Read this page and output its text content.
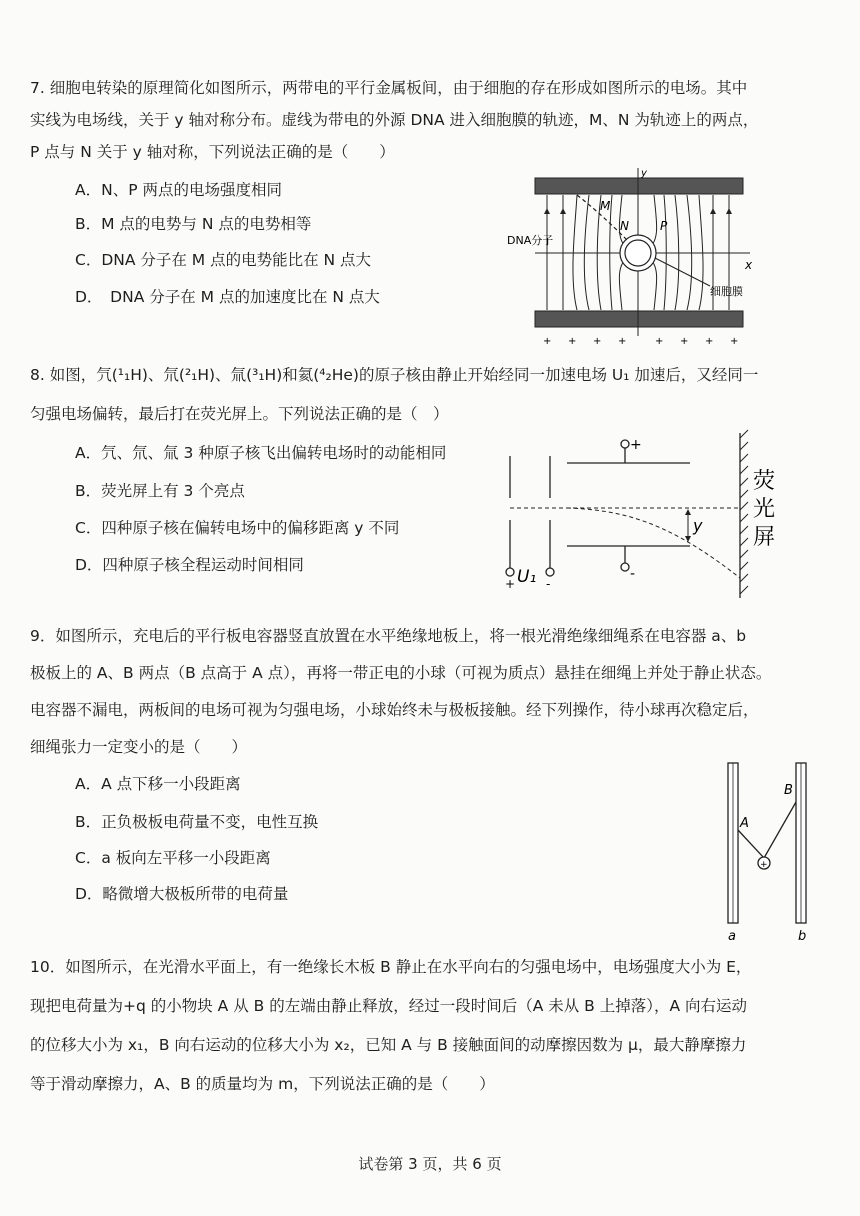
7. 细胞电转染的原理简化如图所示，两带电的平行金属板间，由于细胞的存在形成如图所示的电场。其中
实线为电场线，关于 y 轴对称分布。虚线为带电的外源 DNA 进入细胞膜的轨迹，M、N 为轨迹上的两点，
P 点与 N 关于 y 轴对称，下列说法正确的是（　　）
A．N、P 两点的电场强度相同
B．M 点的电势与 N 点的电势相等
C．DNA 分子在 M 点的电势能比在 N 点大
D．　DNA 分子在 M 点的加速度比在 N 点大
M
N	P
x
y
DNA分子
细胞膜
+ + + +	+ + + +
8. 如图，氕(¹₁H)、氘(²₁H)、氚(³₁H)和氦(⁴₂He)的原子核由静止开始经同一加速电场 U₁ 加速后，又经同一
匀强电场偏转，最后打在荧光屏上。下列说法正确的是（　）
A．氕、氘、氚 3 种原子核飞出偏转电场时的动能相同
B．荧光屏上有 3 个亮点
C．四种原子核在偏转电场中的偏移距离 y 不同
D．四种原子核全程运动时间相同
y
+
-
+	-
U₁
荧
光
屏
9．如图所示，充电后的平行板电容器竖直放置在水平绝缘地板上，将一根光滑绝缘细绳系在电容器 a、b
极板上的 A、B 两点（B 点高于 A 点），再将一带正电的小球（可视为质点）悬挂在细绳上并处于静止状态。
电容器不漏电，两板间的电场可视为匀强电场，小球始终未与极板接触。经下列操作，待小球再次稳定后，
细绳张力一定变小的是（　　）
A．A 点下移一小段距离
B．正负极板电荷量不变，电性互换
C．a 板向左平移一小段距离
D．略微增大极板所带的电荷量
+
A
B
a	b
10．如图所示，在光滑水平面上，有一绝缘长木板 B 静止在水平向右的匀强电场中，电场强度大小为 E，
现把电荷量为+q 的小物块 A 从 B 的左端由静止释放，经过一段时间后（A 未从 B 上掉落），A 向右运动
的位移大小为 x₁，B 向右运动的位移大小为 x₂，已知 A 与 B 接触面间的动摩擦因数为 μ，最大静摩擦力
等于滑动摩擦力，A、B 的质量均为 m，下列说法正确的是（　　）
试卷第 3 页，共 6 页
